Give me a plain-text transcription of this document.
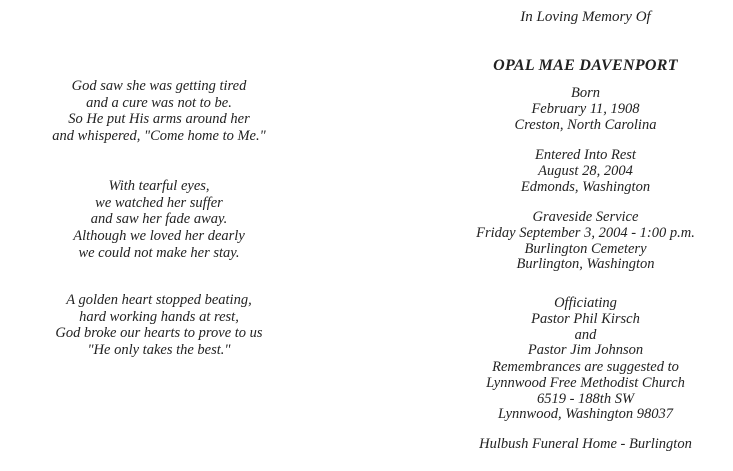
God saw she was getting tired
and a cure was not to be.
So He put His arms around her
and whispered, "Come home to Me."
With tearful eyes,
we watched her suffer
and saw her fade away.
Although we loved her dearly
we could not make her stay.
A golden heart stopped beating,
hard working hands at rest,
God broke our hearts to prove to us
"He only takes the best."
In Loving Memory Of
OPAL MAE DAVENPORT
Born
February 11, 1908
Creston, North Carolina
Entered Into Rest
August 28, 2004
Edmonds, Washington
Graveside Service
Friday September 3, 2004 - 1:00 p.m.
Burlington Cemetery
Burlington, Washington
Officiating
Pastor Phil Kirsch
and
Pastor Jim Johnson
Remembrances are suggested to
Lynnwood Free Methodist Church
6519 - 188th SW
Lynnwood, Washington 98037
Hulbush Funeral Home - Burlington
